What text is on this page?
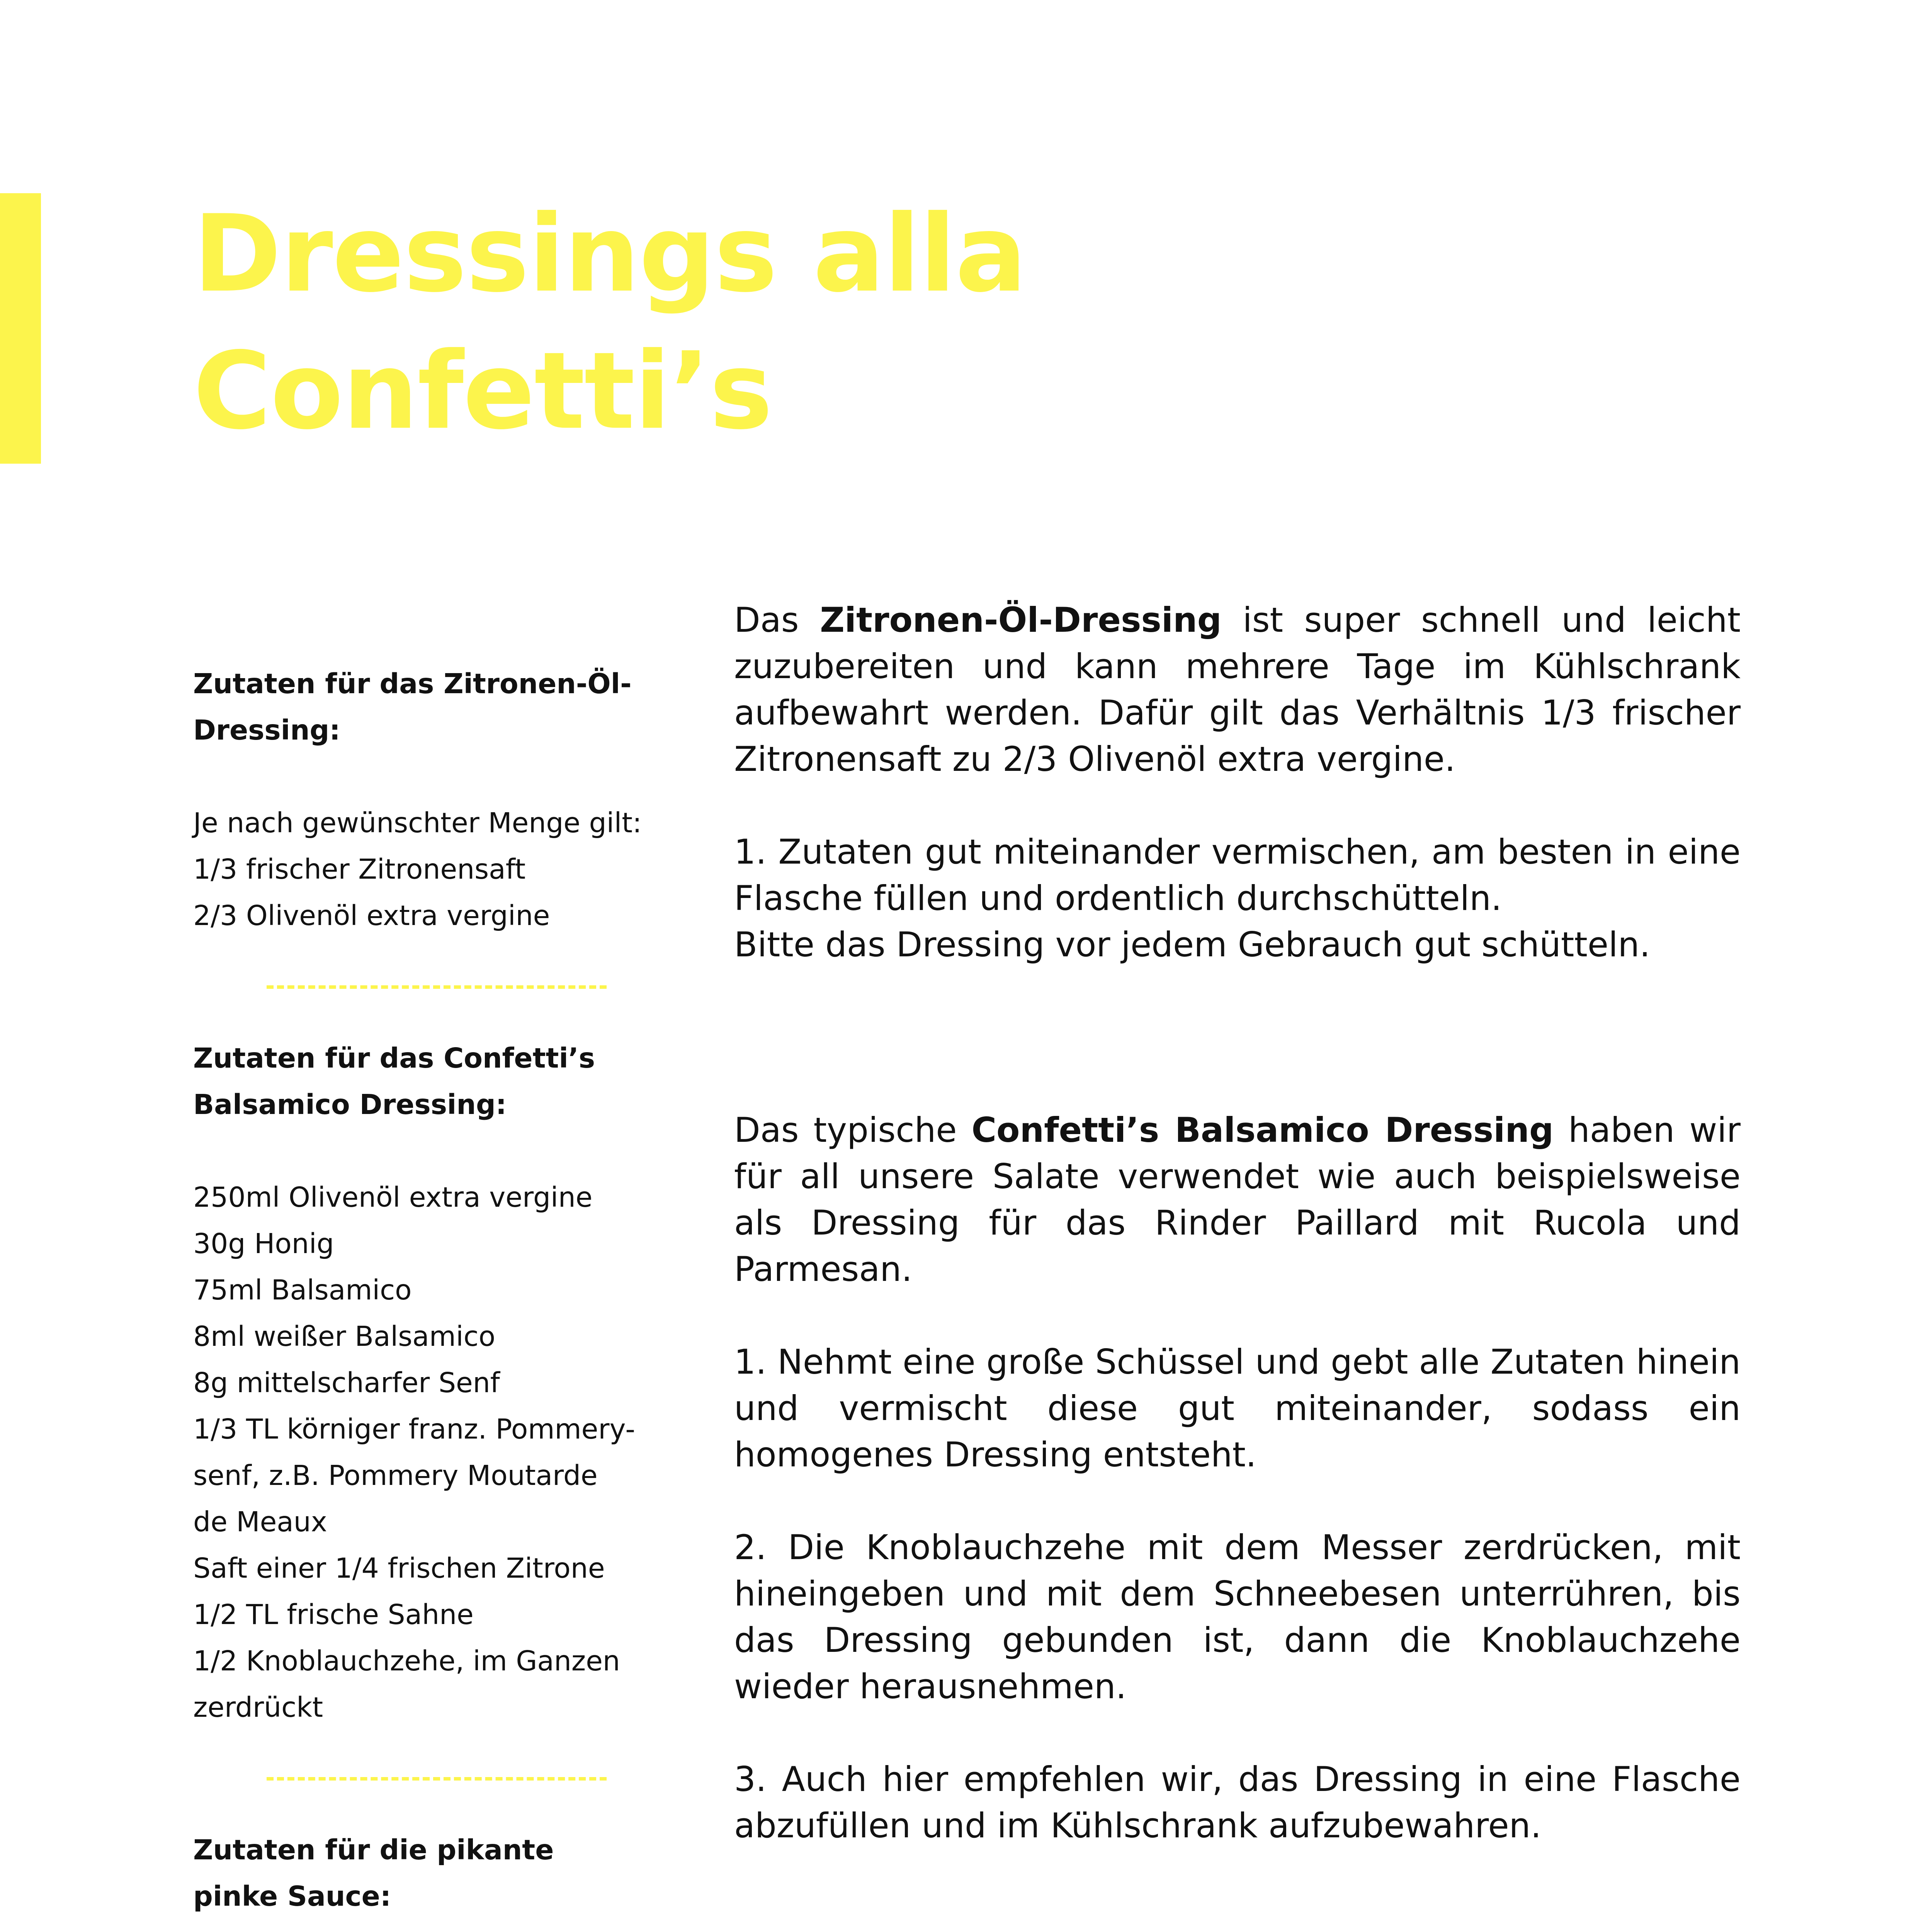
Dressings alla
Confetti’s
Zutaten für das Zitronen-Öl-
Dressing:
Je nach gewünschter Menge gilt:
1/3 frischer Zitronensaft
2/3 Olivenöl extra vergine
Zutaten für das Confetti’s
Balsamico Dressing:
250ml Olivenöl extra vergine
30g Honig
75ml Balsamico
8ml weißer Balsamico
8g mittelscharfer Senf
1/3 TL körniger franz. Pommery-
senf, z.B. Pommery Moutarde
de Meaux
Saft einer 1/4 frischen Zitrone
1/2 TL frische Sahne
1/2 Knoblauchzehe, im Ganzen
zerdrückt
Zutaten für die pikante
pinke Sauce:

Das Zitronen-Öl-Dressing ist super schnell und leicht zuzubereiten und kann mehrere Tage im Kühlschrank aufbewahrt werden. Dafür gilt das Verhältnis 1/3 frischer Zitronensaft zu 2/3 Olivenöl extra vergine.

1. Zutaten gut miteinander vermischen, am besten in eine Flasche füllen und ordentlich durchschütteln.

Bitte das Dressing vor jedem Gebrauch gut schütteln.

Das typische Confetti’s Balsamico Dressing haben wir für all unsere Salate verwendet wie auch beispielsweise als Dressing für das Rinder Paillard mit Rucola und Parmesan.

1. Nehmt eine große Schüssel und gebt alle Zutaten hinein und vermischt diese gut miteinander, sodass ein homogenes Dressing entsteht.

2. Die Knoblauchzehe mit dem Messer zerdrücken, mit hineingeben und mit dem Schneebesen unterrühren, bis das Dressing gebunden ist, dann die Knoblauchzehe wieder herausnehmen.

3. Auch hier empfehlen wir, das Dressing in eine Flasche abzufüllen und im Kühlschrank aufzubewahren.
